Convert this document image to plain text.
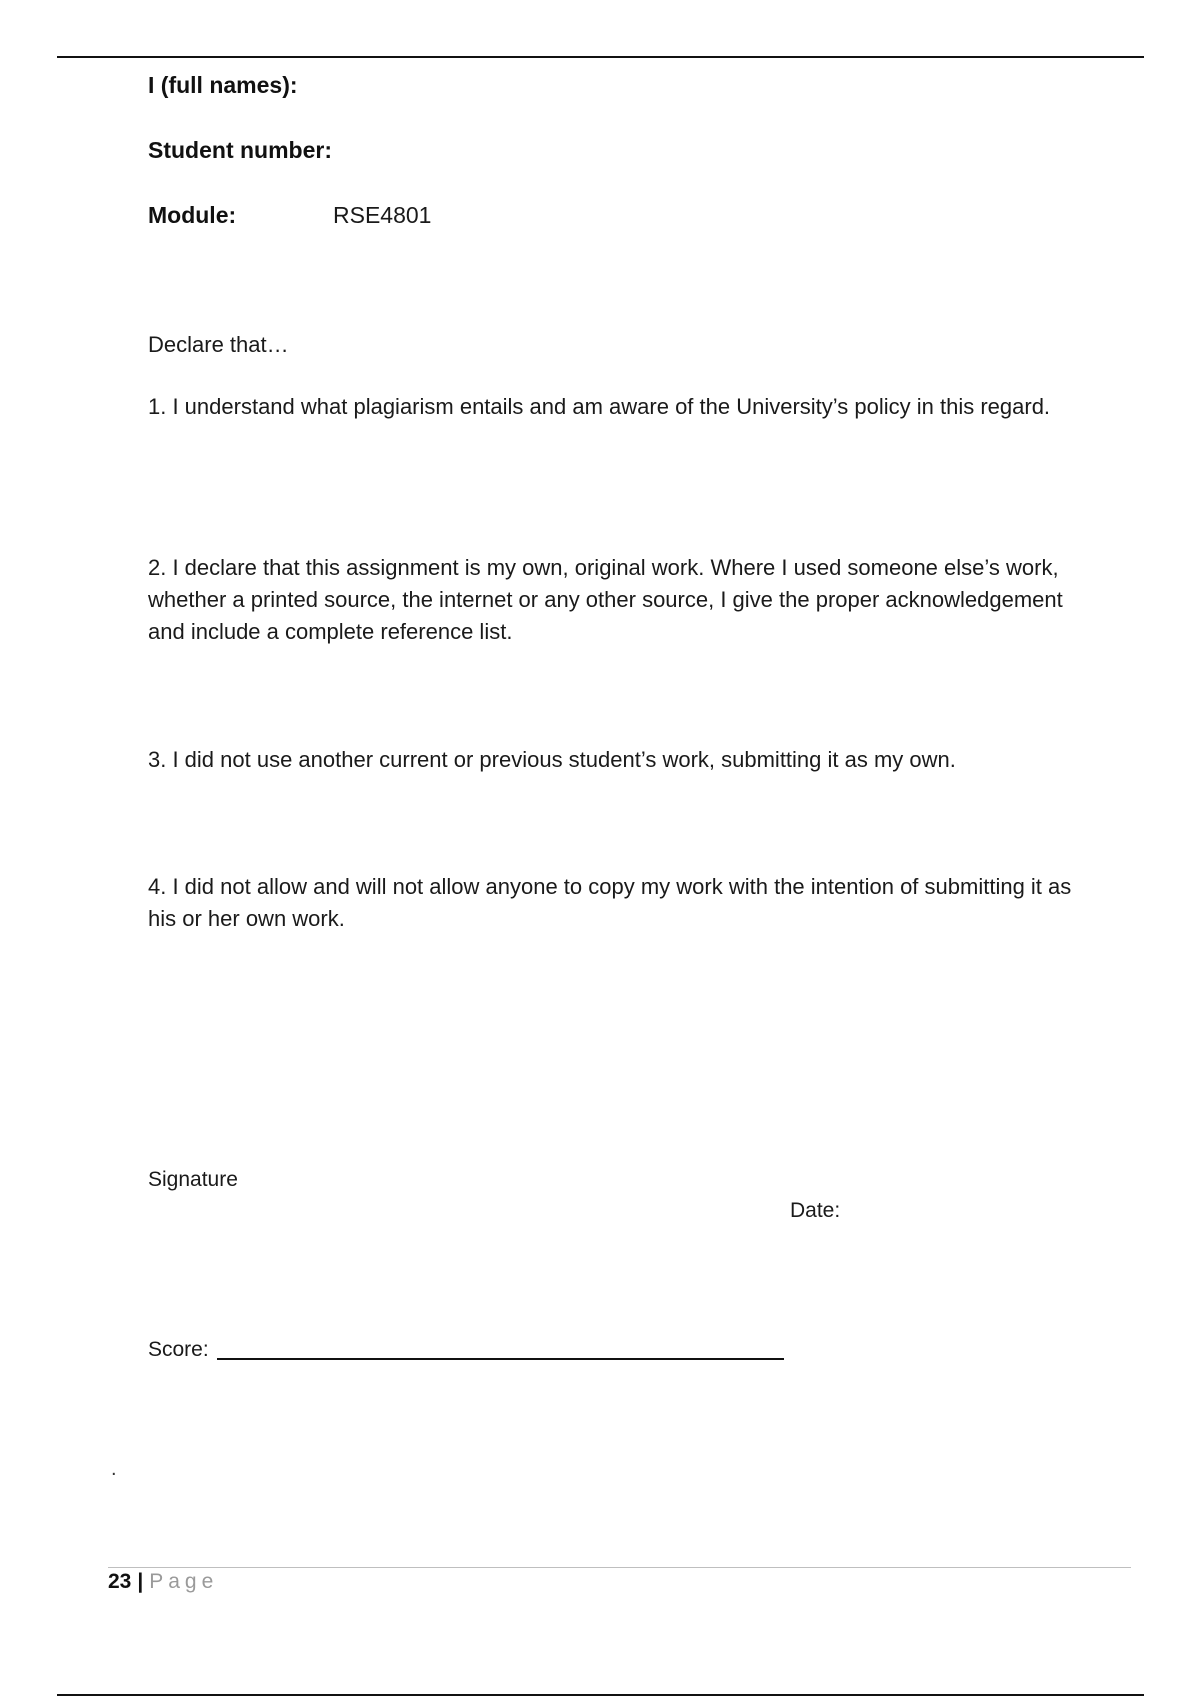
I (full names):
Student number:
Module:	RSE4801
Declare that…
1. I understand what plagiarism entails and am aware of the University’s policy in this regard.
2. I declare that this assignment is my own, original work. Where I used someone else’s work, whether a printed source, the internet or any other source, I give the proper acknowledgement and include a complete reference list.
3. I did not use another current or previous student’s work, submitting it as my own.
4. I did not allow and will not allow anyone to copy my work with the intention of submitting it as his or her own work.
Signature
Date:
Score:
.
23 | Page
